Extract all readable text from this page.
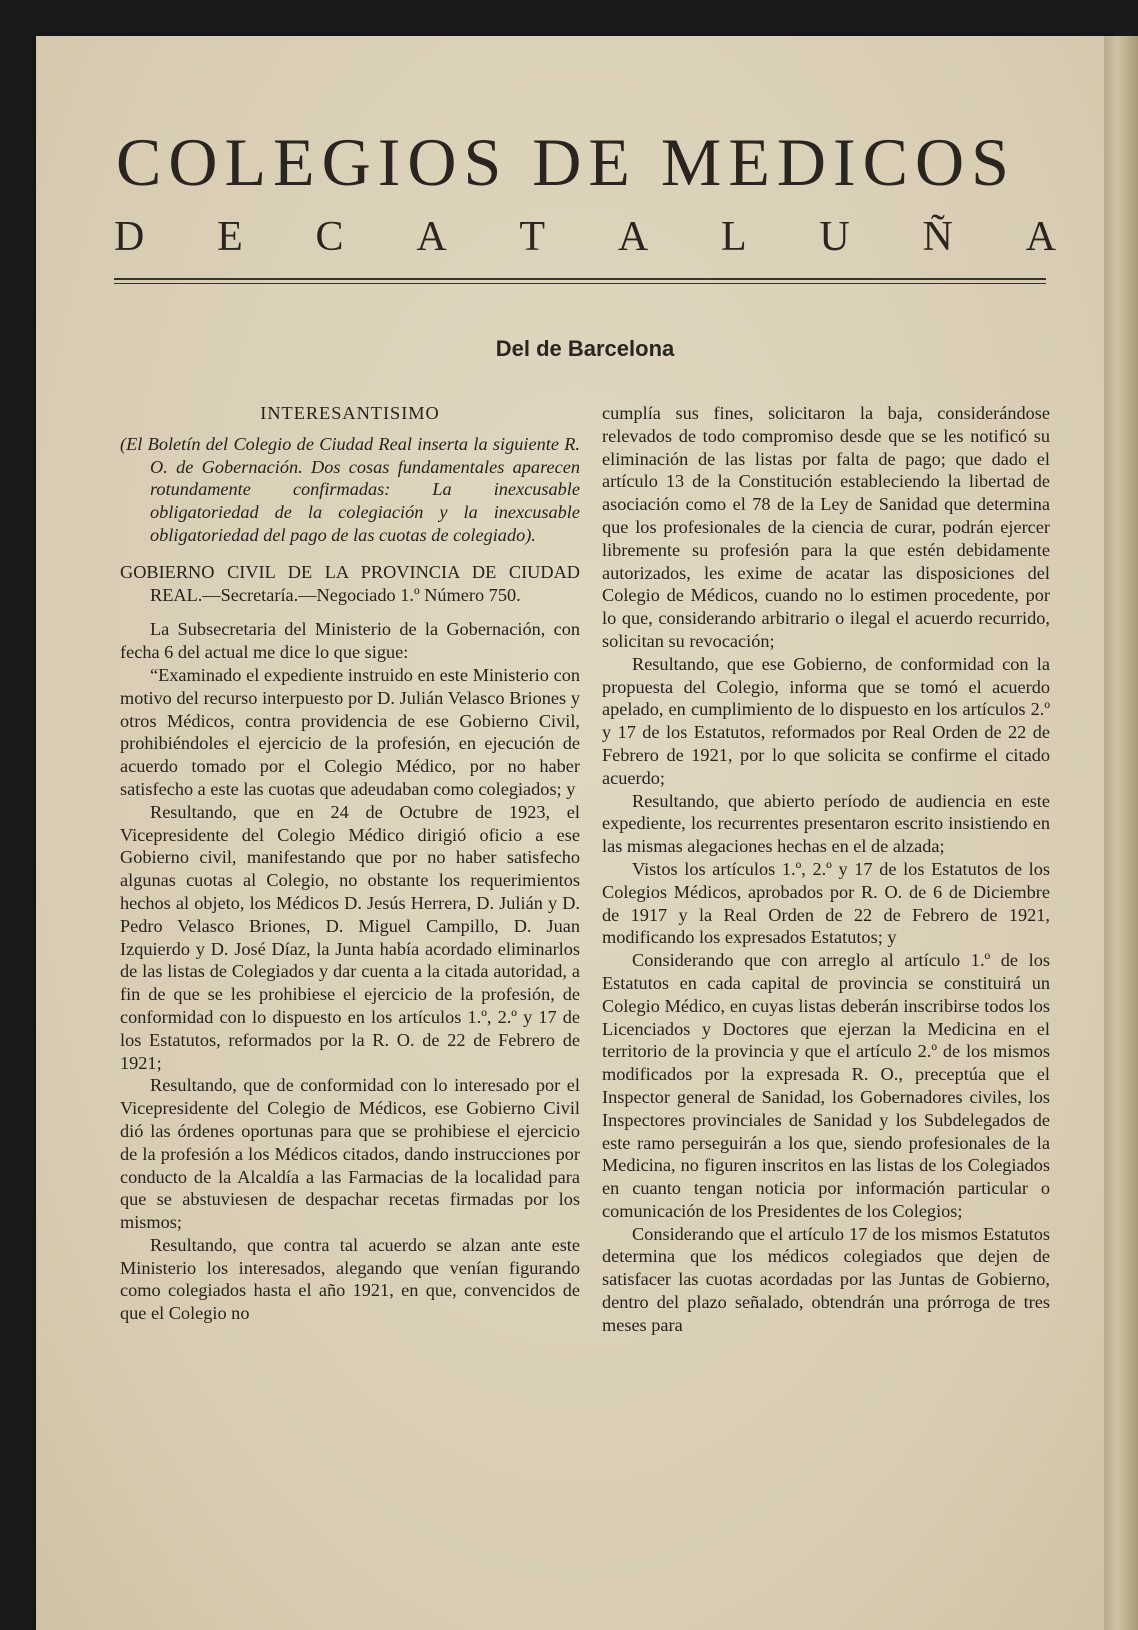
COLEGIOS DE MEDICOS
D E C A T A L U Ñ A
Del de Barcelona

INTERESANTISIMO

(El Boletín del Colegio de Ciudad Real inserta la siguiente R. O. de Gobernación. Dos cosas fundamentales aparecen rotundamente confirmadas: La inexcusable obligatoriedad de la colegiación y la inexcusable obligatoriedad del pago de las cuotas de colegiado).

GOBIERNO CIVIL DE LA PROVINCIA DE CIUDAD REAL.—Secretaría.—Negociado 1.º Número 750.

La Subsecretaria del Ministerio de la Gobernación, con fecha 6 del actual me dice lo que sigue:

“Examinado el expediente instruido en este Ministerio con motivo del recurso interpuesto por D. Julián Velasco Briones y otros Médicos, contra providencia de ese Gobierno Civil, prohibiéndoles el ejercicio de la profesión, en ejecución de acuerdo tomado por el Colegio Médico, por no haber satisfecho a este las cuotas que adeudaban como colegiados; y

Resultando, que en 24 de Octubre de 1923, el Vicepresidente del Colegio Médico dirigió oficio a ese Gobierno civil, manifestando que por no haber satisfecho algunas cuotas al Colegio, no obstante los requerimientos hechos al objeto, los Médicos D. Jesús Herrera, D. Julián y D. Pedro Velasco Briones, D. Miguel Campillo, D. Juan Izquierdo y D. José Díaz, la Junta había acordado eliminarlos de las listas de Colegiados y dar cuenta a la citada autoridad, a fin de que se les prohibiese el ejercicio de la profesión, de conformidad con lo dispuesto en los artículos 1.º, 2.º y 17 de los Estatutos, reformados por la R. O. de 22 de Febrero de 1921;

Resultando, que de conformidad con lo interesado por el Vicepresidente del Colegio de Médicos, ese Gobierno Civil dió las órdenes oportunas para que se prohibiese el ejercicio de la profesión a los Médicos citados, dando instrucciones por conducto de la Alcaldía a las Farmacias de la localidad para que se abstuviesen de despachar recetas firmadas por los mismos;

Resultando, que contra tal acuerdo se alzan ante este Ministerio los interesados, alegando que venían figurando como colegiados hasta el año 1921, en que, convencidos de que el Colegio no

cumplía sus fines, solicitaron la baja, considerándose relevados de todo compromiso desde que se les notificó su eliminación de las listas por falta de pago; que dado el artículo 13 de la Constitución estableciendo la libertad de asociación como el 78 de la Ley de Sanidad que determina que los profesionales de la ciencia de curar, podrán ejercer libremente su profesión para la que estén debidamente autorizados, les exime de acatar las disposiciones del Colegio de Médicos, cuando no lo estimen procedente, por lo que, considerando arbitrario o ilegal el acuerdo recurrido, solicitan su revocación;

Resultando, que ese Gobierno, de conformidad con la propuesta del Colegio, informa que se tomó el acuerdo apelado, en cumplimiento de lo dispuesto en los artículos 2.º y 17 de los Estatutos, reformados por Real Orden de 22 de Febrero de 1921, por lo que solicita se confirme el citado acuerdo;

Resultando, que abierto período de audiencia en este expediente, los recurrentes presentaron escrito insistiendo en las mismas alegaciones hechas en el de alzada;

Vistos los artículos 1.º, 2.º y 17 de los Estatutos de los Colegios Médicos, aprobados por R. O. de 6 de Diciembre de 1917 y la Real Orden de 22 de Febrero de 1921, modificando los expresados Estatutos; y

Considerando que con arreglo al artículo 1.º de los Estatutos en cada capital de provincia se constituirá un Colegio Médico, en cuyas listas deberán inscribirse todos los Licenciados y Doctores que ejerzan la Medicina en el territorio de la provincia y que el artículo 2.º de los mismos modificados por la expresada R. O., preceptúa que el Inspector general de Sanidad, los Gobernadores civiles, los Inspectores provinciales de Sanidad y los Subdelegados de este ramo perseguirán a los que, siendo profesionales de la Medicina, no figuren inscritos en las listas de los Colegiados en cuanto tengan noticia por información particular o comunicación de los Presidentes de los Colegios;

Considerando que el artículo 17 de los mismos Estatutos determina que los médicos colegiados que dejen de satisfacer las cuotas acordadas por las Juntas de Gobierno, dentro del plazo señalado, obtendrán una prórroga de tres meses para
